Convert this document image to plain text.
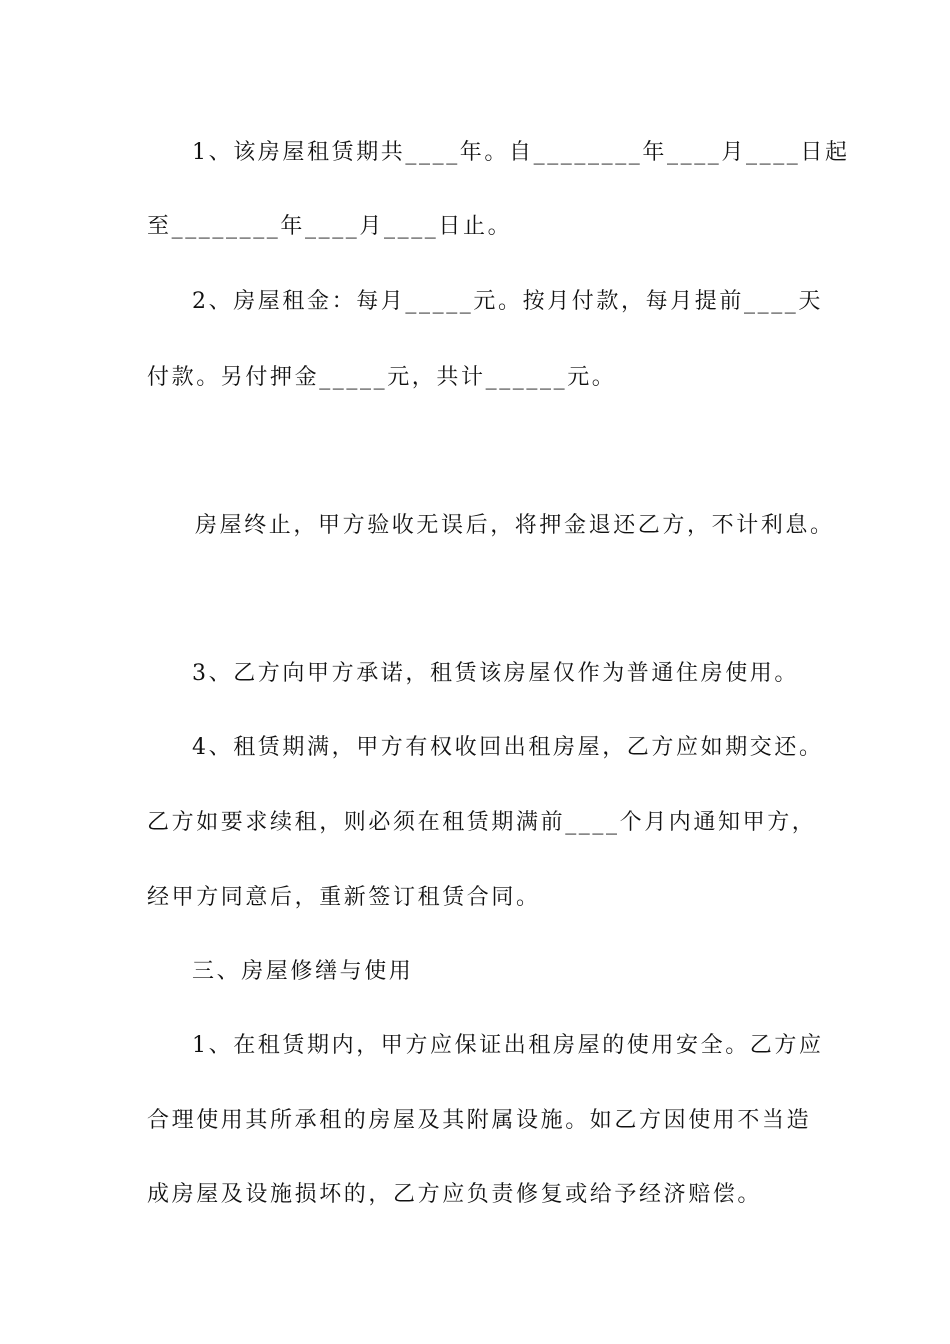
1、该房屋租赁期共____年。自________年____月____日起
至________年____月____日止。
2、房屋租金：每月_____元。按月付款，每月提前____天
付款。另付押金_____元，共计______元。
房屋终止，甲方验收无误后，将押金退还乙方，不计利息。
3、乙方向甲方承诺，租赁该房屋仅作为普通住房使用。
4、租赁期满，甲方有权收回出租房屋，乙方应如期交还。
乙方如要求续租，则必须在租赁期满前____个月内通知甲方，
经甲方同意后，重新签订租赁合同。
三、房屋修缮与使用
1、在租赁期内，甲方应保证出租房屋的使用安全。乙方应
合理使用其所承租的房屋及其附属设施。如乙方因使用不当造
成房屋及设施损坏的，乙方应负责修复或给予经济赔偿。
